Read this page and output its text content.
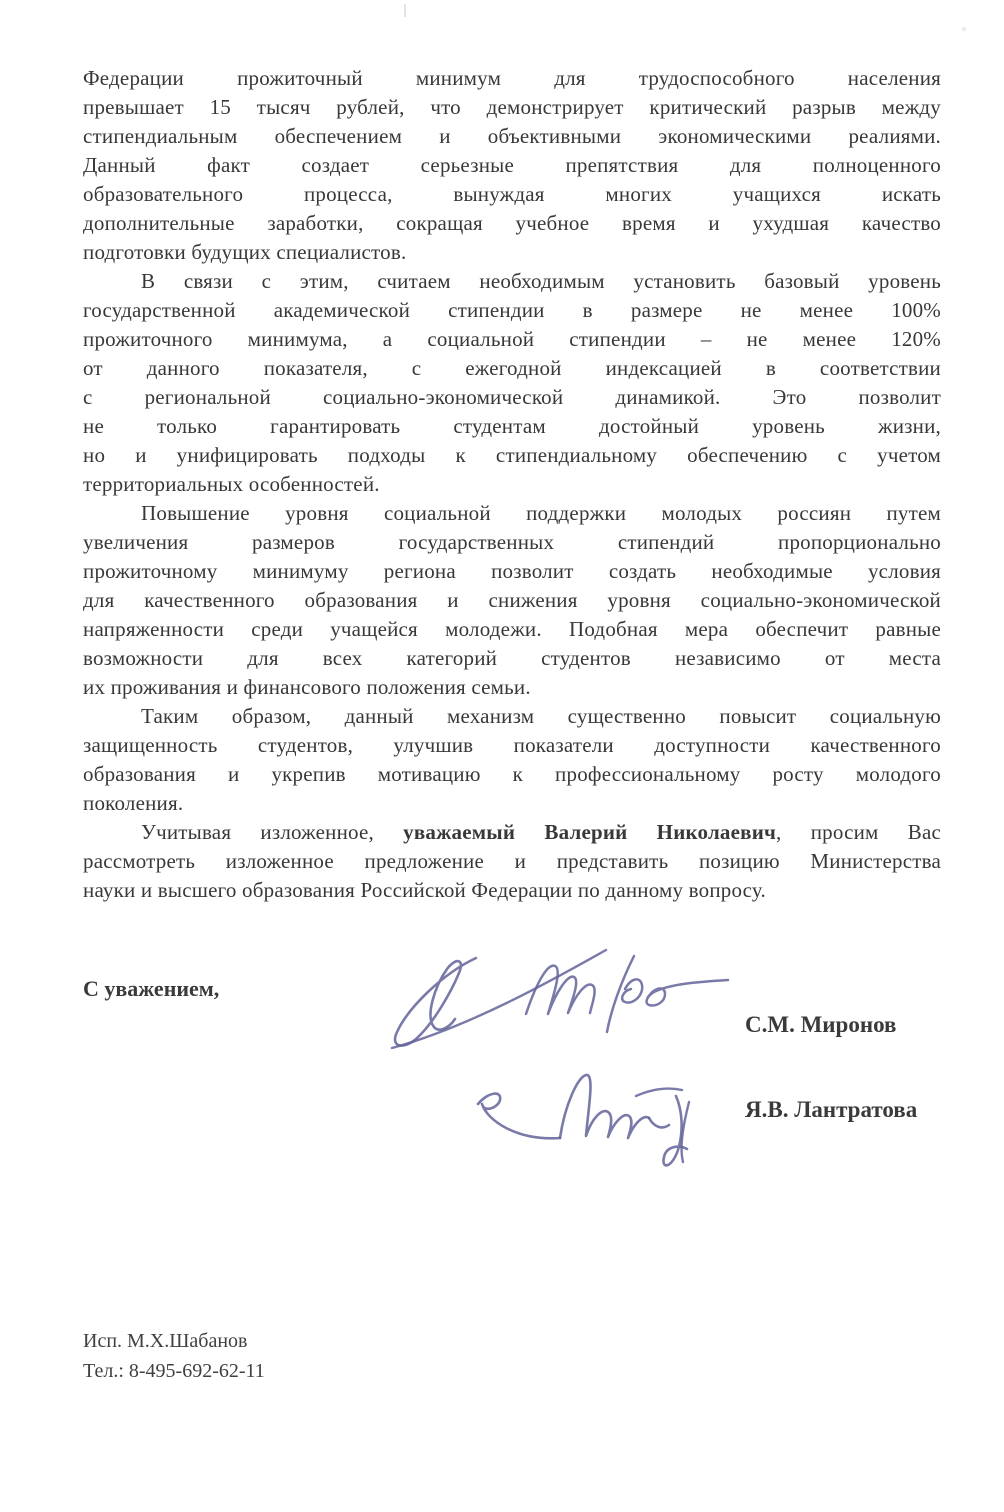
Федерации прожиточный минимум для трудоспособного населения
превышает 15 тысяч рублей, что демонстрирует критический разрыв между
стипендиальным обеспечением и объективными экономическими реалиями.
Данный факт создает серьезные препятствия для полноценного
образовательного процесса, вынуждая многих учащихся искать
дополнительные заработки, сокращая учебное время и ухудшая качество
подготовки будущих специалистов.
В связи с этим, считаем необходимым установить базовый уровень
государственной академической стипендии в размере не менее 100%
прожиточного минимума, а социальной стипендии – не менее 120%
от данного показателя, с ежегодной индексацией в соответствии
с региональной социально-экономической динамикой. Это позволит
не только гарантировать студентам достойный уровень жизни,
но и унифицировать подходы к стипендиальному обеспечению с учетом
территориальных особенностей.
Повышение уровня социальной поддержки молодых россиян путем
увеличения размеров государственных стипендий пропорционально
прожиточному минимуму региона позволит создать необходимые условия
для качественного образования и снижения уровня социально-экономической
напряженности среди учащейся молодежи. Подобная мера обеспечит равные
возможности для всех категорий студентов независимо от места
их проживания и финансового положения семьи.
Таким образом, данный механизм существенно повысит социальную
защищенность студентов, улучшив показатели доступности качественного
образования и укрепив мотивацию к профессиональному росту молодого
поколения.
Учитывая изложенное, уважаемый Валерий Николаевич, просим Вас
рассмотреть изложенное предложение и представить позицию Министерства
науки и высшего образования Российской Федерации по данному вопросу.
С уважением,
С.М. Миронов
Я.В. Лантратова
Исп. М.Х.Шабанов
Тел.: 8-495-692-62-11
